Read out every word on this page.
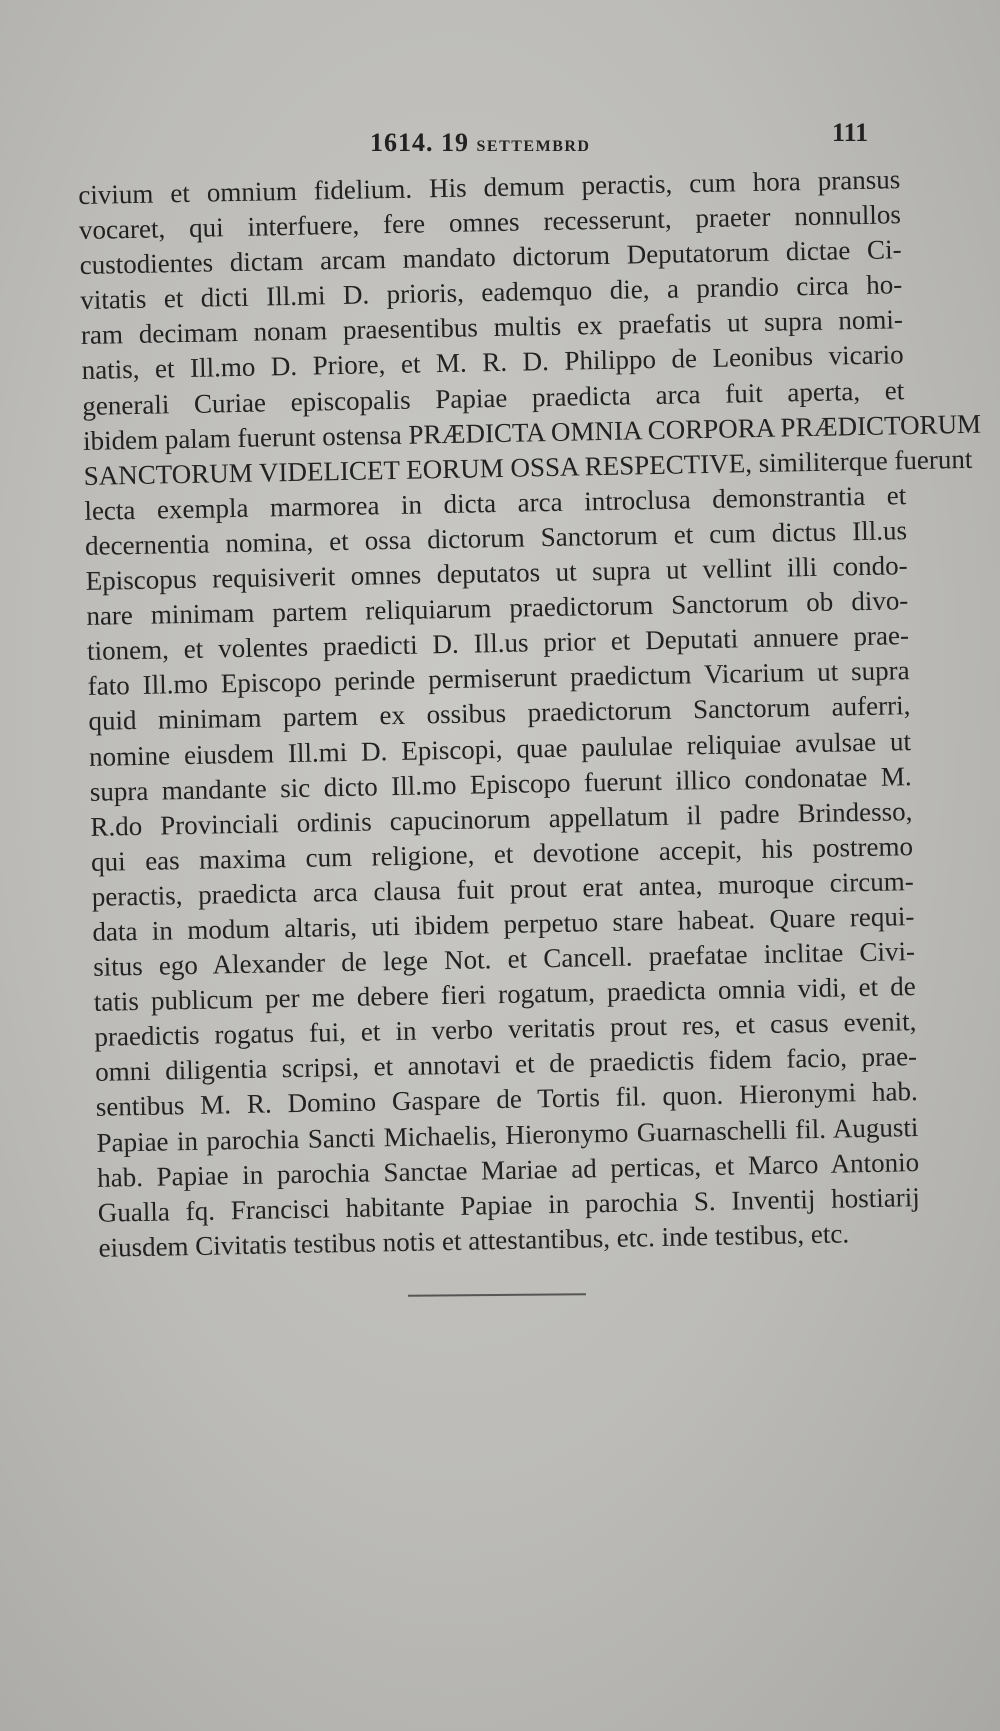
1614. 19 SETTEMBRD	111
civium et omnium fidelium. His demum peractis, cum hora pransus
vocaret, qui interfuere, fere omnes recesserunt, praeter nonnullos
custodientes dictam arcam mandato dictorum Deputatorum dictae Ci-
vitatis et dicti Ill.mi D. prioris, eademquo die, a prandio circa ho-
ram decimam nonam praesentibus multis ex praefatis ut supra nomi-
natis, et Ill.mo D. Priore, et M. R. D. Philippo de Leonibus vicario
generali Curiae episcopalis Papiae praedicta arca fuit aperta, et
ibidem palam fuerunt ostensa PRÆDICTA OMNIA CORPORA PRÆDICTORUM
SANCTORUM VIDELICET EORUM OSSA RESPECTIVE, similiterque fuerunt
lecta exempla marmorea in dicta arca introclusa demonstrantia et
decernentia nomina, et ossa dictorum Sanctorum et cum dictus Ill.us
Episcopus requisiverit omnes deputatos ut supra ut vellint illi condo-
nare minimam partem reliquiarum praedictorum Sanctorum ob divo-
tionem, et volentes praedicti D. Ill.us prior et Deputati annuere prae-
fato Ill.mo Episcopo perinde permiserunt praedictum Vicarium ut supra
quid minimam partem ex ossibus praedictorum Sanctorum auferri,
nomine eiusdem Ill.mi D. Episcopi, quae paululae reliquiae avulsae ut
supra mandante sic dicto Ill.mo Episcopo fuerunt illico condonatae M.
R.do Provinciali ordinis capucinorum appellatum il padre Brindesso,
qui eas maxima cum religione, et devotione accepit, his postremo
peractis, praedicta arca clausa fuit prout erat antea, muroque circum-
data in modum altaris, uti ibidem perpetuo stare habeat. Quare requi-
situs ego Alexander de lege Not. et Cancell. praefatae inclitae Civi-
tatis publicum per me debere fieri rogatum, praedicta omnia vidi, et de
praedictis rogatus fui, et in verbo veritatis prout res, et casus evenit,
omni diligentia scripsi, et annotavi et de praedictis fidem facio, prae-
sentibus M. R. Domino Gaspare de Tortis fil. quon. Hieronymi hab.
Papiae in parochia Sancti Michaelis, Hieronymo Guarnaschelli fil. Augusti
hab. Papiae in parochia Sanctae Mariae ad perticas, et Marco Antonio
Gualla fq. Francisci habitante Papiae in parochia S. Inventij hostiarij
eiusdem Civitatis testibus notis et attestantibus, etc. inde testibus, etc.
